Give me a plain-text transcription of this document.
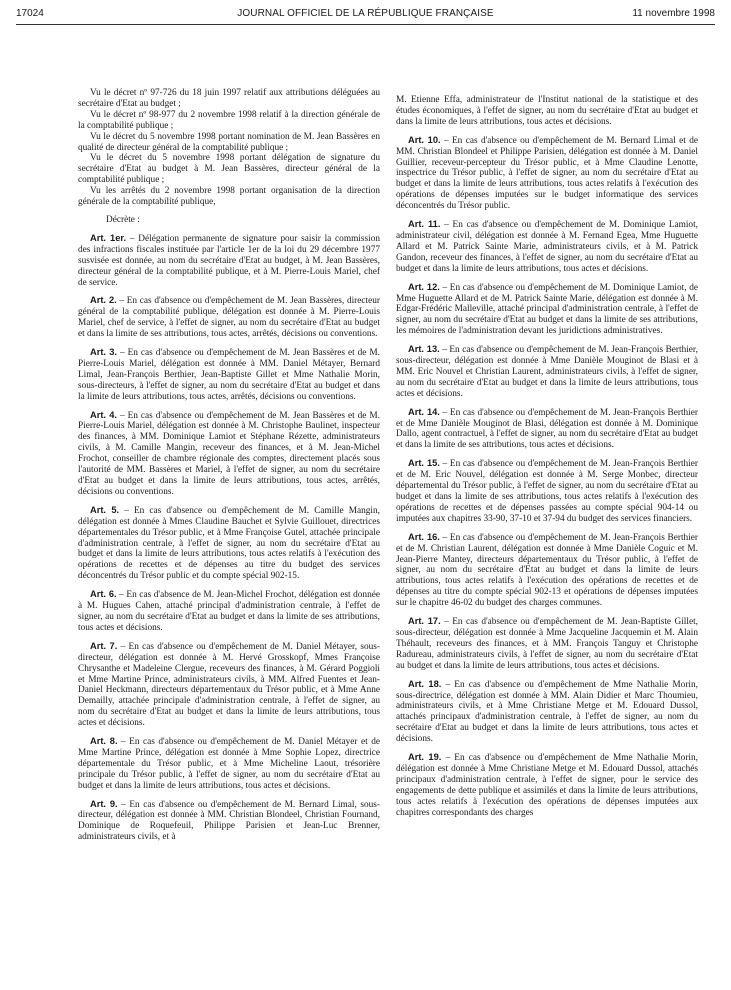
17024	JOURNAL OFFICIEL DE LA RÉPUBLIQUE FRANÇAISE	11 novembre 1998

Vu le décret nº 97-726 du 18 juin 1997 relatif aux attributions déléguées au secrétaire d'Etat au budget ;

Vu le décret nº 98-977 du 2 novembre 1998 relatif à la direction générale de la comptabilité publique ;

Vu le décret du 5 novembre 1998 portant nomination de M. Jean Bassères en qualité de directeur général de la comptabilité publique ;

Vu le décret du 5 novembre 1998 portant délégation de signature du secrétaire d'Etat au budget à M. Jean Bassères, directeur général de la comptabilité publique ;

Vu les arrêtés du 2 novembre 1998 portant organisation de la direction générale de la comptabilité publique,

Décrète :

Art. 1er. – Délégation permanente de signature pour saisir la commission des infractions fiscales instituée par l'article 1er de la loi du 29 décembre 1977 susvisée est donnée, au nom du secrétaire d'Etat au budget, à M. Jean Bassères, directeur général de la comptabilité publique, et à M. Pierre-Louis Mariel, chef de service.

Art. 2. – En cas d'absence ou d'empêchement de M. Jean Bassères, directeur général de la comptabilité publique, délégation est donnée à M. Pierre-Louis Mariel, chef de service, à l'effet de signer, au nom du secrétaire d'Etat au budget et dans la limite de ses attributions, tous actes, arrêtés, décisions ou conventions.

Art. 3. – En cas d'absence ou d'empêchement de M. Jean Bassères et de M. Pierre-Louis Mariel, délégation est donnée à MM. Daniel Métayer, Bernard Limal, Jean-François Berthier, Jean-Baptiste Gillet et Mme Nathalie Morin, sous-directeurs, à l'effet de signer, au nom du secrétaire d'Etat au budget et dans la limite de leurs attributions, tous actes, arrêtés, décisions ou conventions.

Art. 4. – En cas d'absence ou d'empêchement de M. Jean Bassères et de M. Pierre-Louis Mariel, délégation est donnée à M. Christophe Baulinet, inspecteur des finances, à MM. Dominique Lamiot et Stéphane Rézette, administrateurs civils, à M. Camille Mangin, receveur des finances, et à M. Jean-Michel Frochot, conseiller de chambre régionale des comptes, directement placés sous l'autorité de MM. Bassères et Mariel, à l'effet de signer, au nom du secrétaire d'Etat au budget et dans la limite de leurs attributions, tous actes, arrêtés, décisions ou conventions.

Art. 5. – En cas d'absence ou d'empêchement de M. Camille Mangin, délégation est donnée à Mmes Claudine Bauchet et Sylvie Guillouet, directrices départementales du Trésor public, et à Mme Françoise Gutel, attachée principale d'administration centrale, à l'effet de signer, au nom du secrétaire d'Etat au budget et dans la limite de leurs attributions, tous actes relatifs à l'exécution des opérations de recettes et de dépenses au titre du budget des services déconcentrés du Trésor public et du compte spécial 902-15.

Art. 6. – En cas d'absence de M. Jean-Michel Frochot, délégation est donnée à M. Hugues Cahen, attaché principal d'administration centrale, à l'effet de signer, au nom du secrétaire d'Etat au budget et dans la limite de ses attributions, tous actes et décisions.

Art. 7. – En cas d'absence ou d'empêchement de M. Daniel Métayer, sous-directeur, délégation est donnée à M. Hervé Grosskopf, Mmes Françoise Chrysanthe et Madeleine Clergue, receveurs des finances, à M. Gérard Poggioli et Mme Martine Prince, administrateurs civils, à MM. Alfred Fuentes et Jean-Daniel Heckmann, directeurs départementaux du Trésor public, et à Mme Anne Demailly, attachée principale d'administration centrale, à l'effet de signer, au nom du secrétaire d'Etat au budget et dans la limite de leurs attributions, tous actes et décisions.

Art. 8. – En cas d'absence ou d'empêchement de M. Daniel Métayer et de Mme Martine Prince, délégation est donnée à Mme Sophie Lopez, directrice départementale du Trésor public, et à Mme Micheline Laout, trésorière principale du Trésor public, à l'effet de signer, au nom du secrétaire d'Etat au budget et dans la limite de leurs attributions, tous actes et décisions.

Art. 9. – En cas d'absence ou d'empêchement de M. Bernard Limal, sous-directeur, délégation est donnée à MM. Christian Blondeel, Christian Fournand, Dominique de Roquefeuil, Philippe Parisien et Jean-Luc Brenner, administrateurs civils, et à

M. Etienne Effa, administrateur de l'Institut national de la statistique et des études économiques, à l'effet de signer, au nom du secrétaire d'Etat au budget et dans la limite de leurs attributions, tous actes et décisions.

Art. 10. – En cas d'absence ou d'empêchement de M. Bernard Limal et de MM. Christian Blondeel et Philippe Parisien, délégation est donnée à M. Daniel Guillier, receveur-percepteur du Trésor public, et à Mme Claudine Lenotte, inspectrice du Trésor public, à l'effet de signer, au nom du secrétaire d'Etat au budget et dans la limite de leurs attributions, tous actes relatifs à l'exécution des opérations de dépenses imputées sur le budget informatique des services déconcentrés du Trésor public.

Art. 11. – En cas d'absence ou d'empêchement de M. Dominique Lamiot, administrateur civil, délégation est donnée à M. Fernand Egea, Mme Huguette Allard et M. Patrick Sainte Marie, administrateurs civils, et à M. Patrick Gandon, receveur des finances, à l'effet de signer, au nom du secrétaire d'Etat au budget et dans la limite de leurs attributions, tous actes et décisions.

Art. 12. – En cas d'absence ou d'empêchement de M. Dominique Lamiot, de Mme Huguette Allard et de M. Patrick Sainte Marie, délégation est donnée à M. Edgar-Frédéric Malleville, attaché principal d'administration centrale, à l'effet de signer, au nom du secrétaire d'Etat au budget et dans la limite de ses attributions, les mémoires de l'administration devant les juridictions administratives.

Art. 13. – En cas d'absence ou d'empêchement de M. Jean-François Berthier, sous-directeur, délégation est donnée à Mme Danièle Mouginot de Blasi et à MM. Eric Nouvel et Christian Laurent, administrateurs civils, à l'effet de signer, au nom du secrétaire d'Etat au budget et dans la limite de leurs attributions, tous actes et décisions.

Art. 14. – En cas d'absence ou d'empêchement de M. Jean-François Berthier et de Mme Danièle Mouginot de Blasi, délégation est donnée à M. Dominique Dallo, agent contractuel, à l'effet de signer, au nom du secrétaire d'Etat au budget et dans la limite de ses attributions, tous actes et décisions.

Art. 15. – En cas d'absence ou d'empêchement de M. Jean-François Berthier et de M. Eric Nouvel, délégation est donnée à M. Serge Monbec, directeur départemental du Trésor public, à l'effet de signer, au nom du secrétaire d'Etat au budget et dans la limite de ses attributions, tous actes relatifs à l'exécution des opérations de recettes et de dépenses passées au compte spécial 904-14 ou imputées aux chapitres 33-90, 37-10 et 37-94 du budget des services financiers.

Art. 16. – En cas d'absence ou d'empêchement de M. Jean-François Berthier et de M. Christian Laurent, délégation est donnée à Mme Danièle Coguic et M. Jean-Pierre Mantey, directeurs départementaux du Trésor public, à l'effet de signer, au nom du secrétaire d'Etat au budget et dans la limite de leurs attributions, tous actes relatifs à l'exécution des opérations de recettes et de dépenses au titre du compte spécial 902-13 et opérations de dépenses imputées sur le chapitre 46-02 du budget des charges communes.

Art. 17. – En cas d'absence ou d'empêchement de M. Jean-Baptiste Gillet, sous-directeur, délégation est donnée à Mme Jacqueline Jacquemin et M. Alain Théhault, receveurs des finances, et à MM. François Tanguy et Christophe Radureau, administrateurs civils, à l'effet de signer, au nom du secrétaire d'Etat au budget et dans la limite de leurs attributions, tous actes et décisions.

Art. 18. – En cas d'absence ou d'empêchement de Mme Nathalie Morin, sous-directrice, délégation est donnée à MM. Alain Didier et Marc Thoumieu, administrateurs civils, et à Mme Christiane Metge et M. Edouard Dussol, attachés principaux d'administration centrale, à l'effet de signer, au nom du secrétaire d'Etat au budget et dans la limite de leurs attributions, tous actes et décisions.

Art. 19. – En cas d'absence ou d'empêchement de Mme Nathalie Morin, délégation est donnée à Mme Christiane Metge et M. Edouard Dussol, attachés principaux d'administration centrale, à l'effet de signer, pour le service des engagements de dette publique et assimilés et dans la limite de leurs attributions, tous actes relatifs à l'exécution des opérations de dépenses imputées aux chapitres correspondants des charges
